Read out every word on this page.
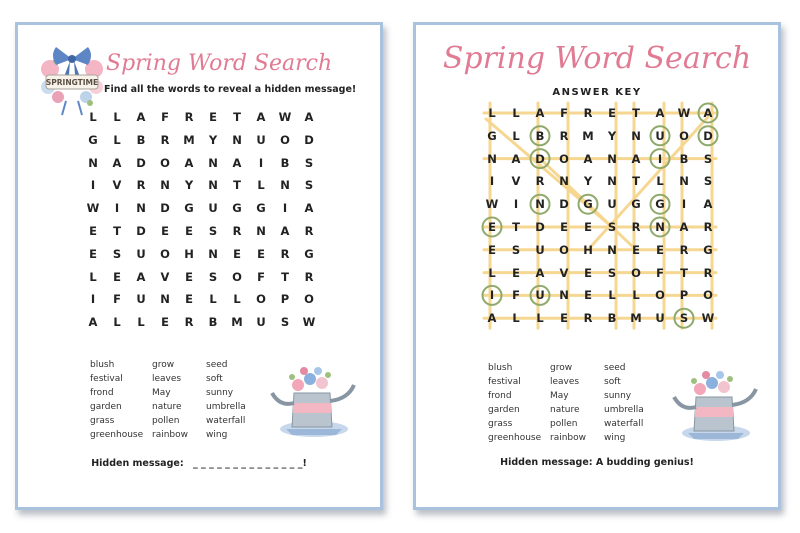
SPRINGTIME
Spring Word Search

Find all the words to reveal a hidden message!

L	L	A	F	R	E	T	A	W	A
G	L	B	R	M	Y	N	U	O	D
N	A	D	O	A	N	A	I	B	S
I	V	R	N	Y	N	T	L	N	S
W	I	N	D	G	U	G	G	I	A
E	T	D	E	E	S	R	N	A	R
E	S	U	O	H	N	E	E	R	G
L	E	A	V	E	S	O	F	T	R
I	F	U	N	E	L	L	O	P	O
A	L	L	E	R	B	M	U	S	W
blush	grow	seed
festival	leaves	soft
frond	May	sunny
garden	nature	umbrella
grass	pollen	waterfall
greenhouse rainbow	wing
Hidden message: _ _ _ _ _ _ _ _ _ _ _ _ _ _!
Spring Word Search
ANSWER KEY
L	L	A	F	R	E	T	A	W	A
G	L	B	R	M	Y	N	U	O	D
N	A	D	O	A	N	A	I	B	S
I	V	R	N	Y	N	T	L	N	S
W	I	N	D	G	U	G	G	I	A
E	T	D	E	E	S	R	N	A	R
E	S	U	O	H	N	E	E	R	G
L	E	A	V	E	S	O	F	T	R
I	F	U	N	E	L	L	O	P	O
A	L	L	E	R	B	M	U	S	W
blush	grow	seed
festival	leaves	soft
frond	May	sunny
garden	nature	umbrella
grass	pollen	waterfall
greenhouse rainbow	wing
Hidden message: A budding genius!
